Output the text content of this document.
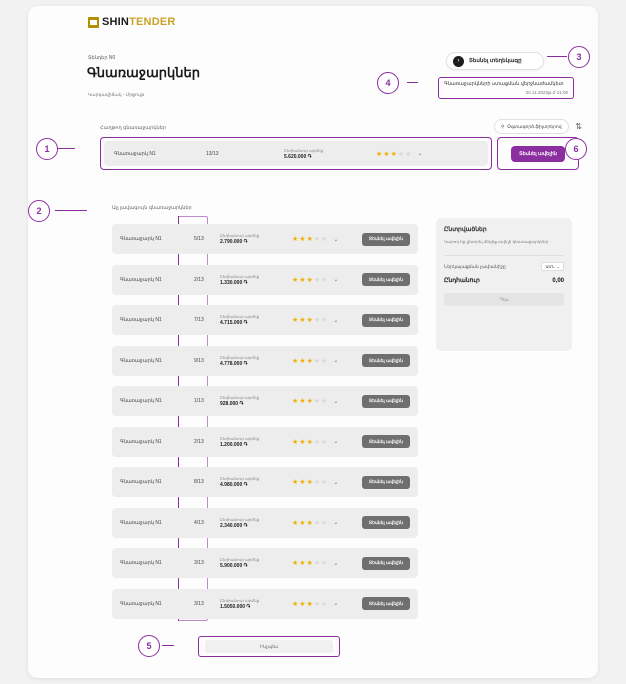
SHINTENDER
Տենդեր N0
Գնառաջարկներ
Կարգավիճակ - Մրցույթ
›	Տեսնել տեղեկագը
Գնառաջարկների ստացման վերջնաժամկետ
20.11.2023թ ժ 21:00
Հաղթող գնառաջարկներ	⚲ Օգտագործ.ֆիլտրերով ⇅
Գնառաջարկ N1	13/13
Ընդհանուր արժեք
5.620.000 ֏	★ ★ ★ ★ ★ ⌄	Տեսնել ավելին
Այլ լավագույն գնառաջարկներ
Գնառաջարկ N1	5/13
Ընդհանուր արժեք
2.790.000 ֏	★ ★ ★ ★ ★ ⌄	Տեսնել ավելին
Գնառաջարկ N1	2/13
Ընդհանուր արժեք
1.330.000 ֏	★ ★ ★ ★ ★ ⌄	Տեսնել ավելին
Գնառաջարկ N1	7/13
Ընդհանուր արժեք
4.715.000 ֏	★ ★ ★ ★ ★ ⌄	Տեսնել ավելին
Գնառաջարկ N1	9/13
Ընդհանուր արժեք
4.778.000 ֏	★ ★ ★ ★ ★ ⌄	Տեսնել ավելին
Գնառաջարկ N1	1/13
Ընդհանուր արժեք
928.000 ֏	★ ★ ★ ★ ★ ⌄	Տեսնել ավելին
Գնառաջարկ N1	2/13
Ընդհանուր արժեք
1.200.000 ֏	★ ★ ★ ★ ★ ⌄	Տեսնել ավելին
Գնառաջարկ N1	8/13
Ընդհանուր արժեք
4.980.000 ֏	★ ★ ★ ★ ★ ⌄	Տեսնել ավելին
Գնառաջարկ N1	4/13
Ընդհանուր արժեք
2.340.000 ֏	★ ★ ★ ★ ★ ⌄	Տեսնել ավելին
Գնառաջարկ N1	3/13
Ընդհանուր արժեք
5.900.000 ֏	★ ★ ★ ★ ★ ⌄	Տեսնել ավելին
Գնառաջարկ N1	3/13
Ընդհանուր արժեք
1.5050.000 ֏	★ ★ ★ ★ ★ ⌄	Տեսնել ավելին
Ընտրվածներ

Կարող եք ընտրել մեկից ավելի գնառաջարկներ

Ներկայացման չափանիշը	ԱՄՆ ⌄
Ընդհանուր	0,00
Պես
Ինչպես
1
2
3
4
5
6
